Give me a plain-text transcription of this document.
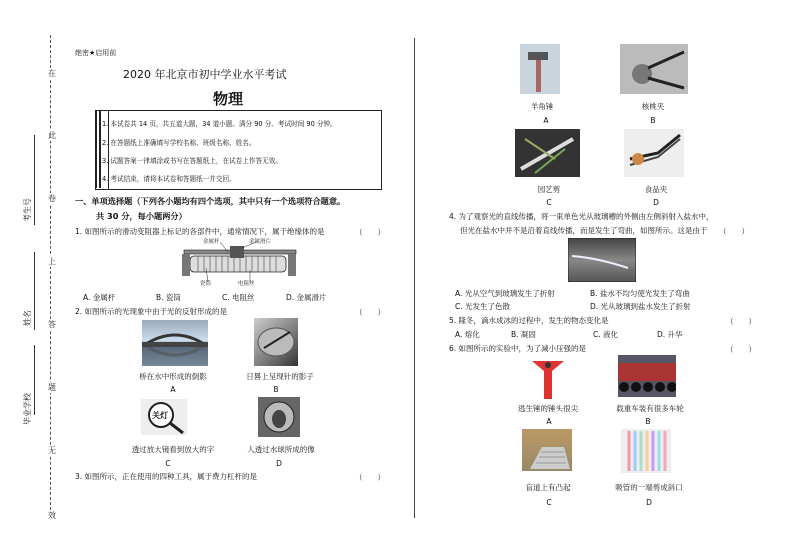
在
此
卷
上
答
题
无
效
考生号
姓名
毕业学校
绝密★启用前
2020 年北京市初中学业水平考试
物理
1. 本试卷共 14 页，共五道大题，34 道小题。满分 90 分。考试时间 90 分钟。
2. 在答题纸上准确填写学校名称、班级名称、姓名。
3. 试题答案一律填涂或书写在答题纸上，在试卷上作答无效。
4. 考试结束，请将本试卷和答题纸一并交回。
一、单项选择题（下列各小题均有四个选项，其中只有一个选项符合题意。
共 30 分，每小题两分）
1. 如图所示的滑动变阻器上标记的各部件中，通常情况下，属于绝缘体的是	（　　）
金属杆	金属滑片
瓷筒	电阻丝
A. 金属杆	B. 瓷筒	C. 电阻丝	D. 金属滑片
2. 如图所示的光现象中由于光的反射形成的是	（　　）
桥在水中形成的倒影	日晷上呈现针的影子
A	B
关灯
透过放大镜看到放大的字	人透过水球所成的像
C	D
3. 如图所示，正在使用的四种工具，属于费力杠杆的是	（　　）
羊角锤	核桃夹
A	B
园艺剪	食品夹
C	D
4. 为了观察光的直线传播，将一束单色光从玻璃槽的外侧由左侧斜射入盐水中，
但光在盐水中并不是沿着直线传播，而是发生了弯曲，如图所示。这是由于 （　　）
A. 光从空气到玻璃发生了折射	B. 盐水不均匀使光发生了弯曲
C. 光发生了色散	D. 光从玻璃到盐水发生了折射
5. 隆冬，滴水成冰的过程中，发生的物态变化是	（　　）
A. 熔化	B. 凝固	C. 液化	D. 升华
6. 如图所示的实验中，为了减小压强的是	（　　）
逃生锤的锤头很尖	载重车装有很多车轮
A	B
盲道上有凸起	吸管的一端剪成斜口
C	D
